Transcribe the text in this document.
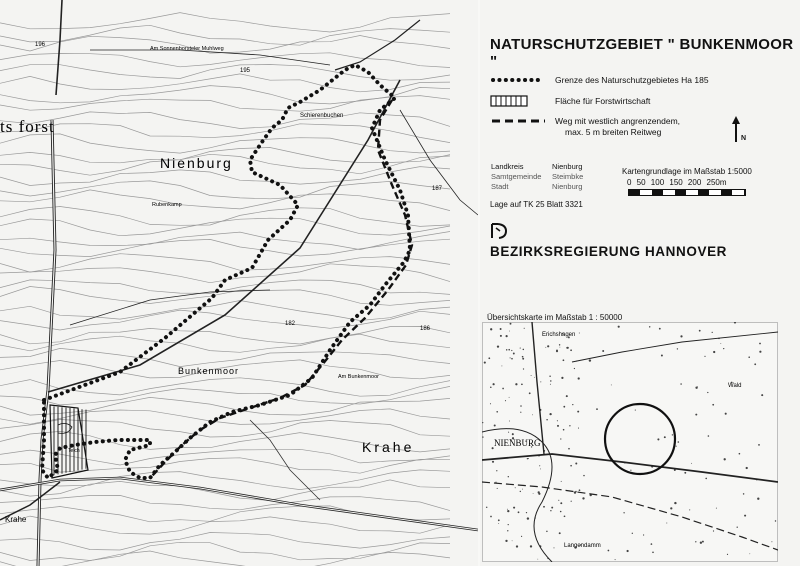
ts forst
Nienburg
Bunkenmoor
Krahe
Krahe
Schierenbuchen
Rubenkamp
Am Bunkenmoor
Am Sonnenborsteler Muhlweg
Teich
195
187
182
186
196	NATURSCHUTZGEBIET " BUNKENMOOR "
Grenze des Naturschutzgebietes Ha 185
Fläche für Forstwirtschaft
Weg mit westlich angrenzendem,
max. 5 m breiten Reitweg
N
Landkreis
Samtgemeinde
Stadt
Nienburg
Steimbke
Nienburg
Kartengrundlage im Maßstab 1:5000
0 50 100 150 200 250m
Lage auf TK 25 Blatt 3321
BEZIRKSREGIERUNG HANNOVER
Übersichtskarte im Maßstab 1 : 50000
NIENBURG
Erichshagen
Langendamm
Wald
